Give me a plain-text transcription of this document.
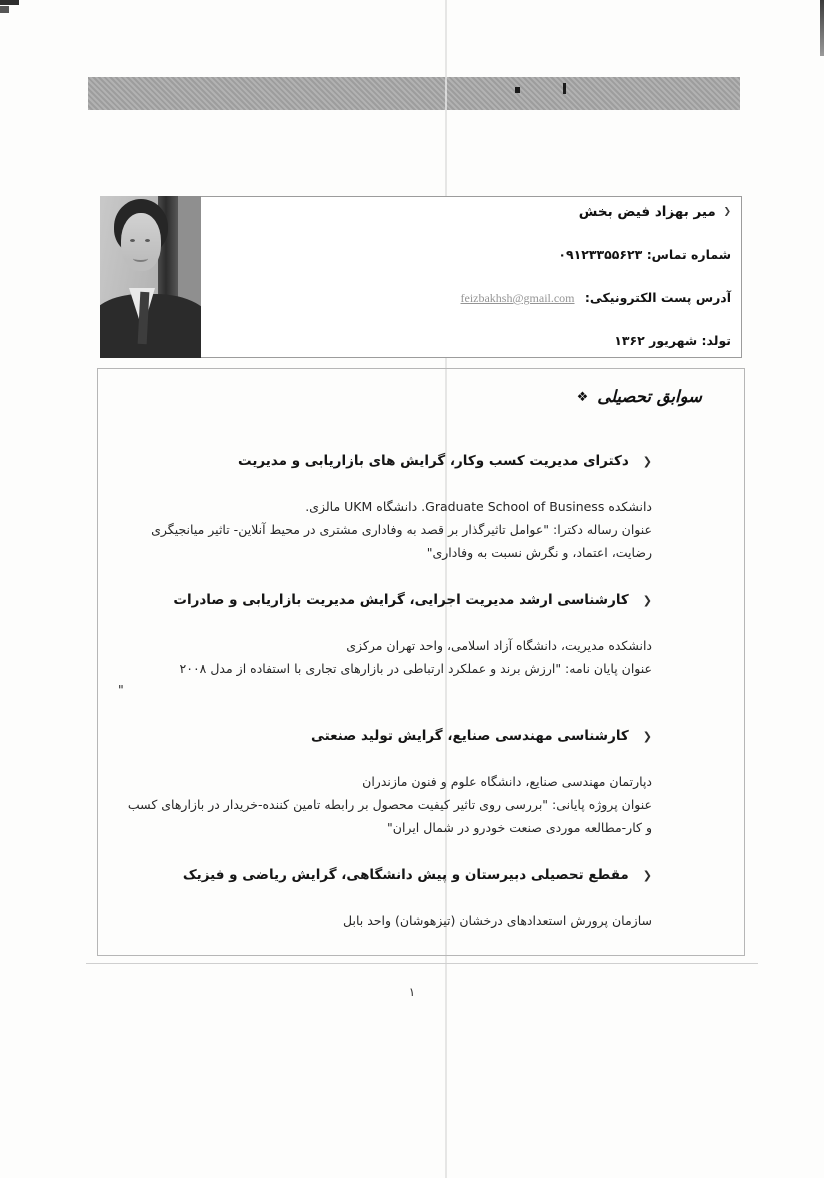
❮ میر بهزاد فیض بخش
شماره تماس: ۰۹۱۲۳۳۵۵۶۲۳
آدرس پست الکترونیکی: feizbakhsh@gmail.com
تولد: شهریور ۱۳۶۲
❖ سوابق تحصیلی
❮دکترای مدیریت کسب وکار، گرایش های بازاریابی و مدیریت

دانشکده Graduate School of Business. دانشگاه UKM مالزی.

عنوان رساله دکترا: "عوامل تاثیرگذار بر قصد به وفاداری مشتری در محیط آنلاین- تاثیر میانجیگری رضایت، اعتماد، و نگرش نسبت به وفاداری"

❮کارشناسی ارشد مدیریت اجرایی، گرایش مدیریت بازاریابی و صادرات

دانشکده مدیریت، دانشگاه آزاد اسلامی، واحد تهران مرکزی

عنوان پایان نامه: "ارزش برند و عملکرد ارتباطی در بازارهای تجاری با استفاده از مدل ۲۰۰۸

"

❮کارشناسی مهندسی صنایع، گرایش تولید صنعتی

دپارتمان مهندسی صنایع، دانشگاه علوم و فنون مازندران

عنوان پروژه پایانی: "بررسی روی تاثیر کیفیت محصول بر رابطه تامین کننده-خریدار در بازارهای کسب و کار-مطالعه موردی صنعت خودرو در شمال ایران"

❮مقطع تحصیلی دبیرستان و پیش دانشگاهی، گرایش ریاضی و فیزیک

سازمان پرورش استعدادهای درخشان (تیزهوشان) واحد بابل

۱
